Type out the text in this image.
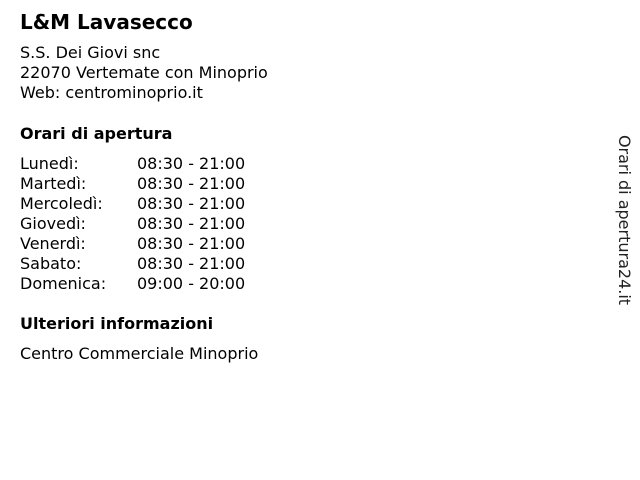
L&M Lavasecco
S.S. Dei Giovi snc
22070 Vertemate con Minoprio
Web: centrominoprio.it
Orari di apertura
Lunedì:	08:30 - 21:00
Martedì:	08:30 - 21:00
Mercoledì: 08:30 - 21:00
Giovedì:	08:30 - 21:00
Venerdì:	08:30 - 21:00
Sabato:	08:30 - 21:00
Domenica: 09:00 - 20:00
Ulteriori informazioni
Centro Commerciale Minoprio
Orari di apertura24.it
